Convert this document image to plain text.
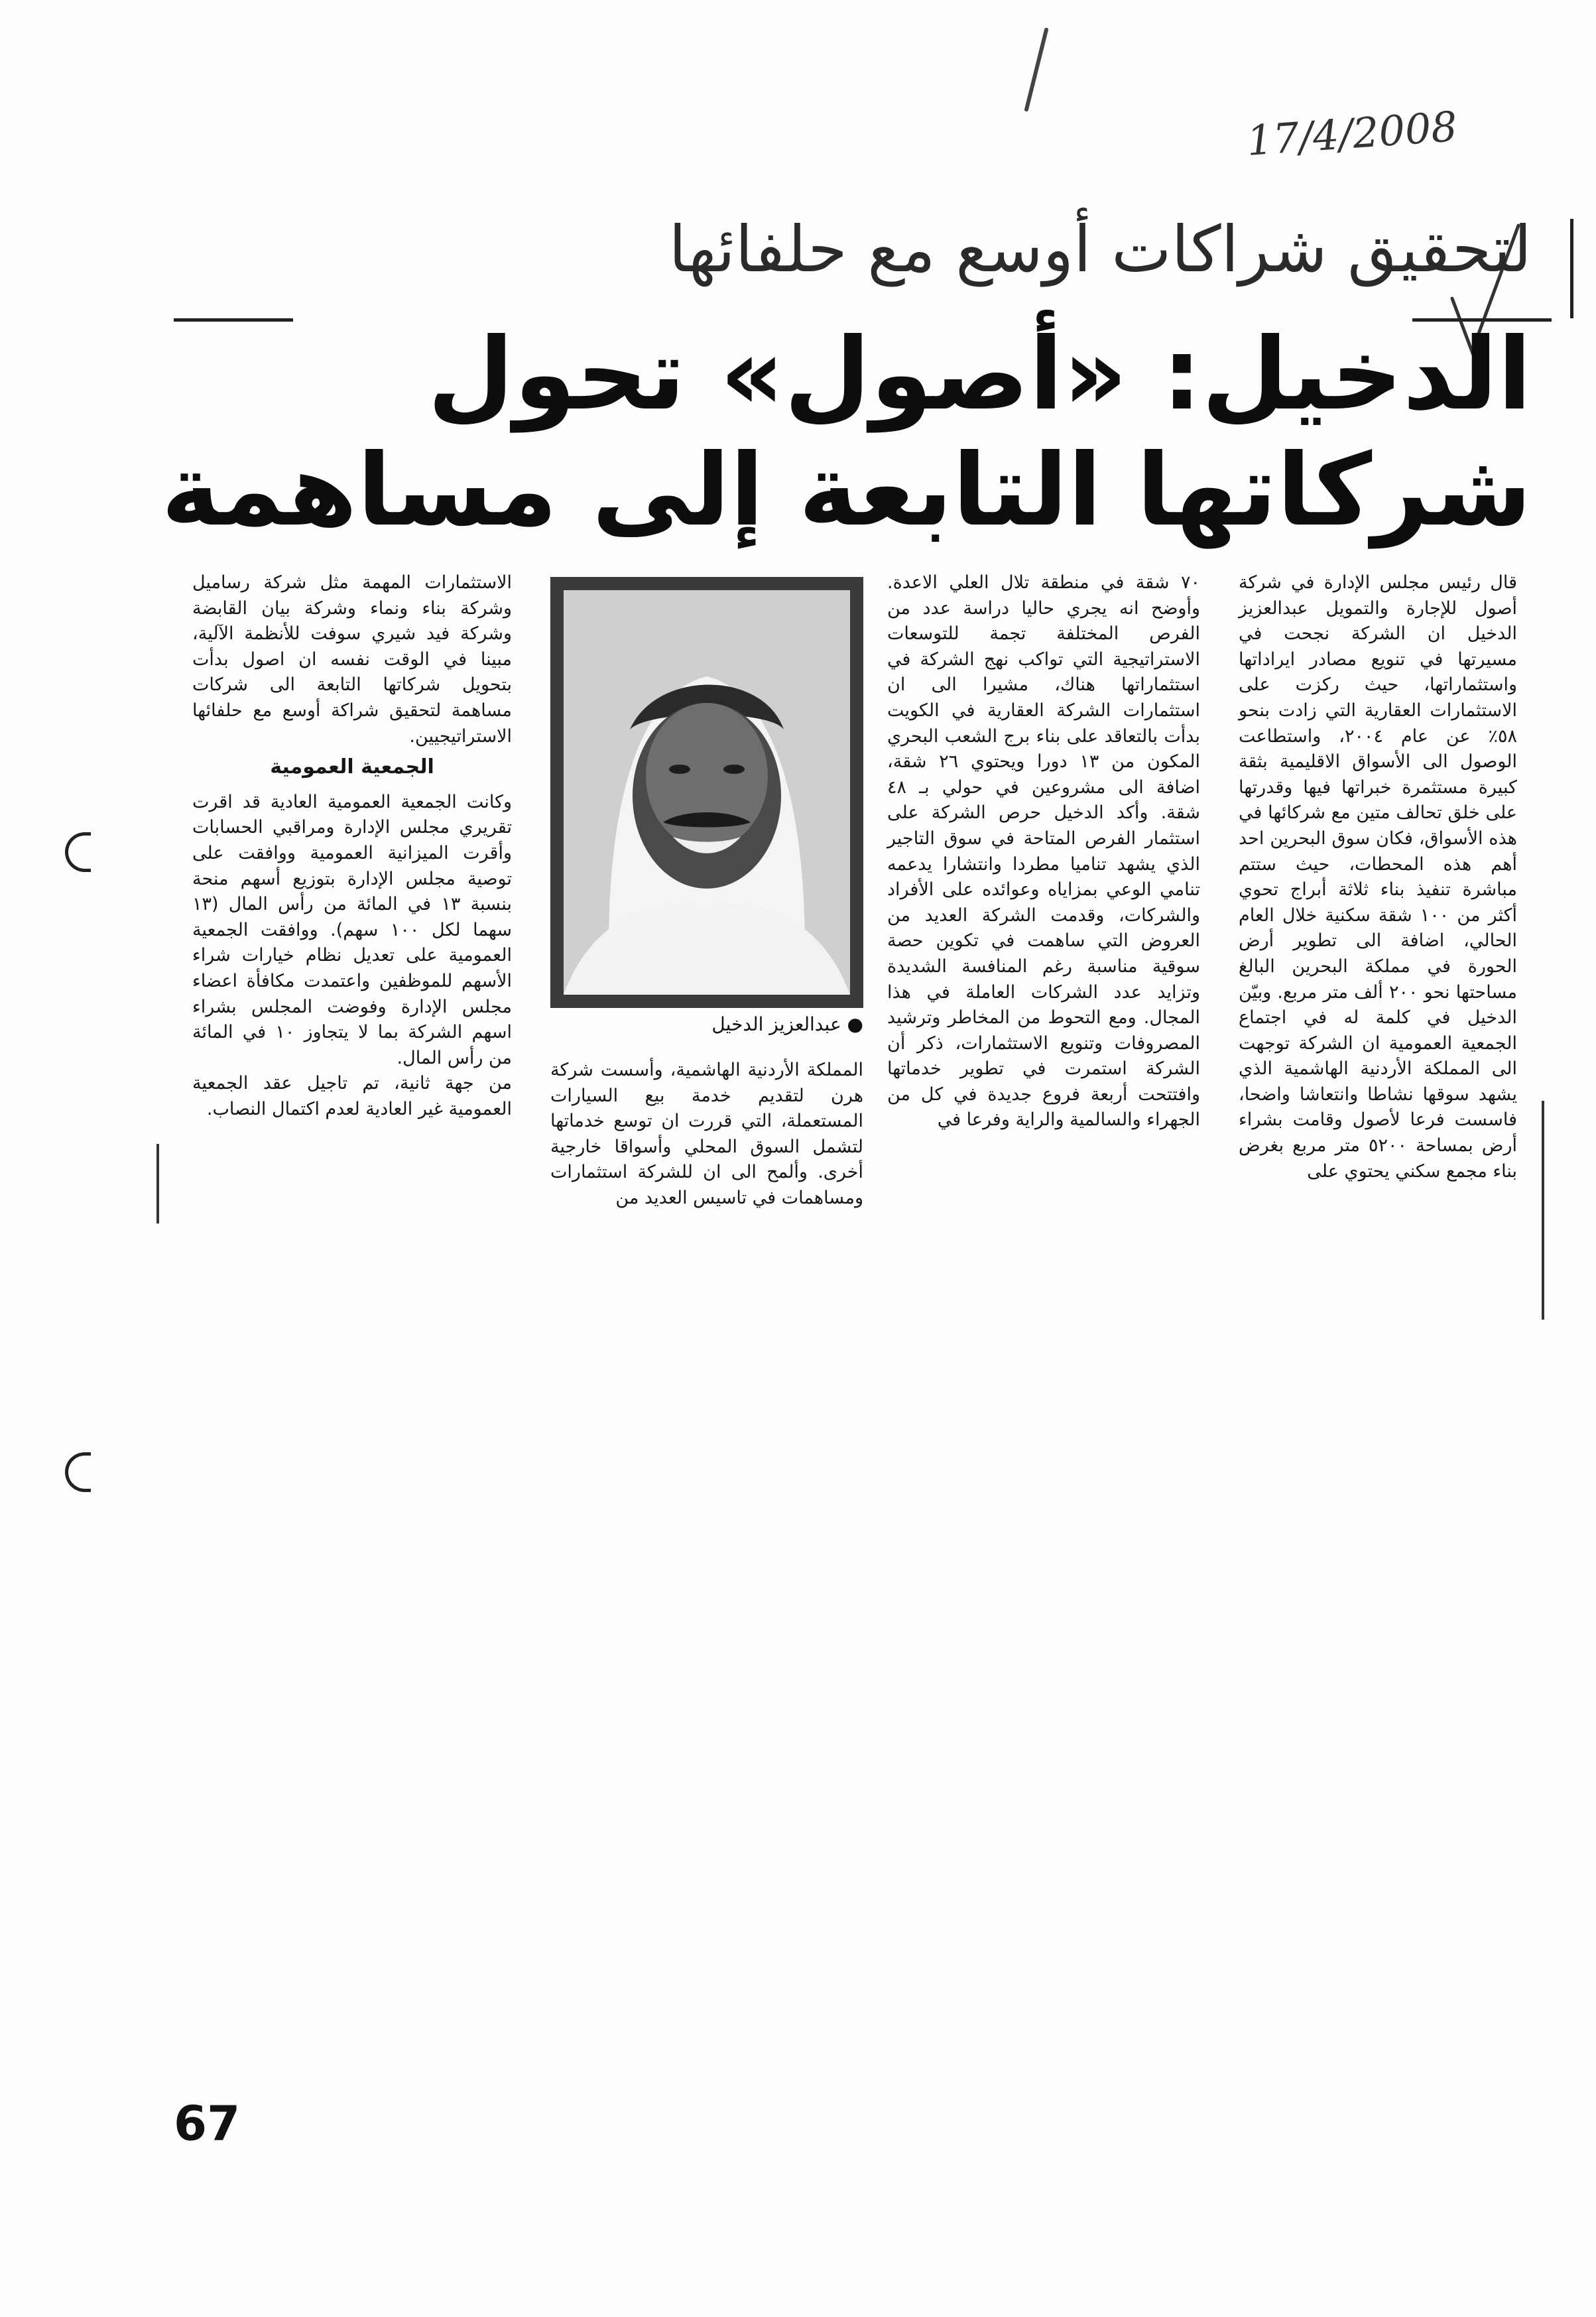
17/4/2008
لتحقيق شراكات أوسع مع حلفائها
الدخيل: «أصول» تحول
شركاتها التابعة إلى مساهمة

قال رئيس مجلس الإدارة في شركة أصول للإجارة والتمويل عبدالعزيز الدخيل ان الشركة نجحت في مسيرتها في تنويع مصادر ايراداتها واستثماراتها، حيث ركزت على الاستثمارات العقارية التي زادت بنحو ٥٨٪ عن عام ٢٠٠٤، واستطاعت الوصول الى الأسواق الاقليمية بثقة كبيرة مستثمرة خبراتها فيها وقدرتها على خلق تحالف متين مع شركائها في هذه الأسواق، فكان سوق البحرين احد أهم هذه المحطات، حيث ستتم مباشرة تنفيذ بناء ثلاثة أبراج تحوي أكثر من ١٠٠ شقة سكنية خلال العام الحالي، اضافة الى تطوير أرض الحورة في مملكة البحرين البالغ مساحتها نحو ٢٠٠ ألف متر مربع. وبيّن الدخيل في كلمة له في اجتماع الجمعية العمومية ان الشركة توجهت الى المملكة الأردنية الهاشمية الذي يشهد سوقها نشاطا وانتعاشا واضحا، فاسست فرعا لأصول وقامت بشراء أرض بمساحة ٥٢٠٠ متر مربع بغرض بناء مجمع سكني يحتوي على

٧٠ شقة في منطقة تلال العلي الاعدة. وأوضح انه يجري حاليا دراسة عدد من الفرص المختلفة تجمة للتوسعات الاستراتيجية التي تواكب نهج الشركة في استثماراتها هناك، مشيرا الى ان استثمارات الشركة العقارية في الكويت بدأت بالتعاقد على بناء برج الشعب البحري المكون من ١٣ دورا ويحتوي ٢٦ شقة، اضافة الى مشروعين في حولي بـ ٤٨ شقة. وأكد الدخيل حرص الشركة على استثمار الفرص المتاحة في سوق التاجير الذي يشهد تناميا مطردا وانتشارا يدعمه تنامي الوعي بمزاياه وعوائده على الأفراد والشركات، وقدمت الشركة العديد من العروض التي ساهمت في تكوين حصة سوقية مناسبة رغم المنافسة الشديدة وتزايد عدد الشركات العاملة في هذا المجال. ومع التحوط من المخاطر وترشيد المصروفات وتنويع الاستثمارات، ذكر أن الشركة استمرت في تطوير خدماتها وافتتحت أربعة فروع جديدة في كل من الجهراء والسالمية والراية وفرعا في

● عبدالعزيز الدخيل

المملكة الأردنية الهاشمية، وأسست شركة هرن لتقديم خدمة بيع السيارات المستعملة، التي قررت ان توسع خدماتها لتشمل السوق المحلي وأسواقا خارجية أخرى. وألمح الى ان للشركة استثمارات ومساهمات في تاسيس العديد من

الاستثمارات المهمة مثل شركة رساميل وشركة بناء ونماء وشركة بيان القابضة وشركة فيد شيري سوفت للأنظمة الآلية، مبينا في الوقت نفسه ان اصول بدأت بتحويل شركاتها التابعة الى شركات مساهمة لتحقيق شراكة أوسع مع حلفائها الاستراتيجيين.

الجمعية العمومية

وكانت الجمعية العمومية العادية قد اقرت تقريري مجلس الإدارة ومراقبي الحسابات وأقرت الميزانية العمومية ووافقت على توصية مجلس الإدارة بتوزيع أسهم منحة بنسبة ١٣ في المائة من رأس المال (١٣ سهما لكل ١٠٠ سهم). ووافقت الجمعية العمومية على تعديل نظام خيارات شراء الأسهم للموظفين واعتمدت مكافأة اعضاء مجلس الإدارة وفوضت المجلس بشراء اسهم الشركة بما لا يتجاوز ١٠ في المائة من رأس المال.

من جهة ثانية، تم تاجيل عقد الجمعية العمومية غير العادية لعدم اكتمال النصاب.

67
